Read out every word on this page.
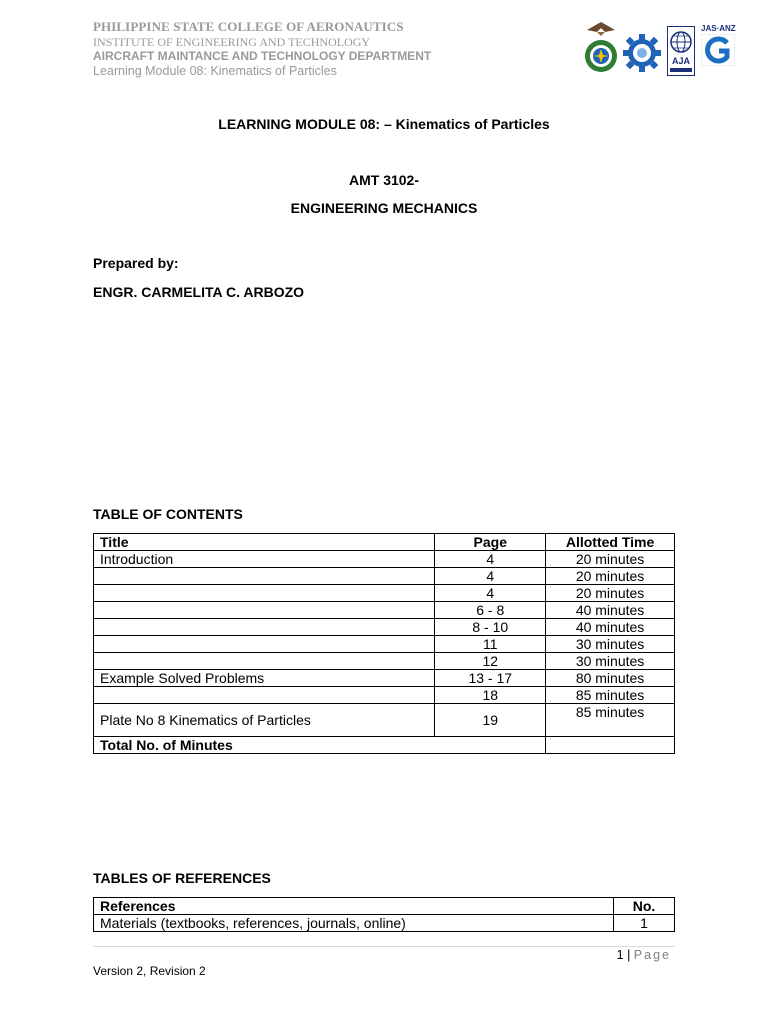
PHILIPPINE STATE COLLEGE OF AERONAUTICS
INSTITUTE OF ENGINEERING AND TECHNOLOGY
AIRCRAFT MAINTANCE AND TECHNOLOGY DEPARTMENT
Learning Module 08: Kinematics of Particles
AJA
JAS·ANZ
LEARNING MODULE 08: – Kinematics of Particles
AMT 3102-
ENGINEERING MECHANICS
Prepared by:
ENGR. CARMELITA C. ARBOZO
TABLE OF CONTENTS
Title	Page	Allotted Time
Introduction	4	20 minutes
	4	20 minutes
	4	20 minutes
	6 - 8	40 minutes
	8 - 10	40 minutes
	11	30 minutes
	12	30 minutes
Example Solved Problems	13 - 17	80 minutes
	18	85 minutes
Plate No 8 Kinematics of Particles	19	85 minutes
Total No. of Minutes		
TABLES OF REFERENCES
References	No.
Materials (textbooks, references, journals, online)	1
1 | Page
Version 2, Revision 2
